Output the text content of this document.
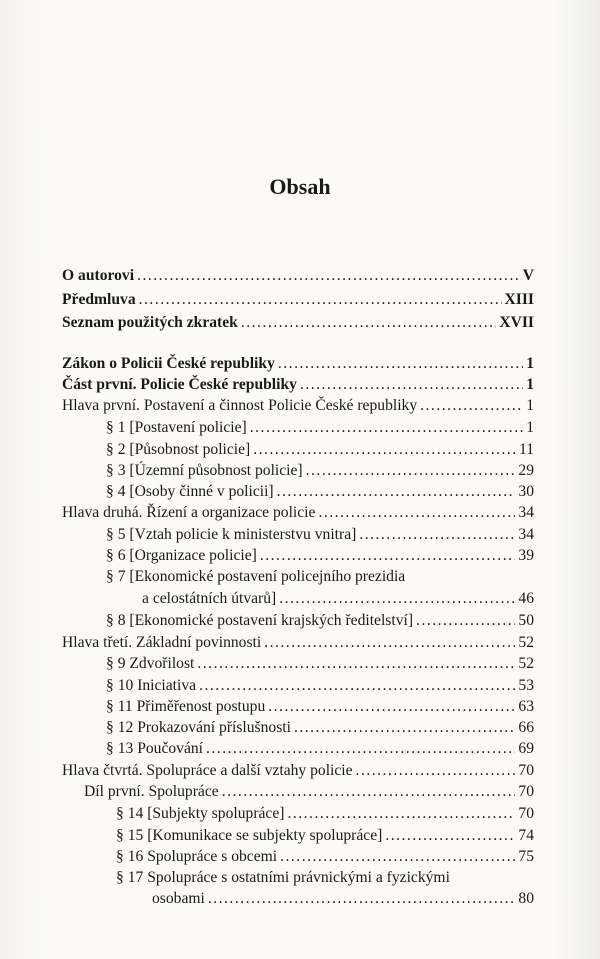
Obsah
O autorovi . . .	V
Předmluva . . .	XIII
Seznam použitých zkratek . . .	XVII
Zákon o Policii České republiky . . .	1
Část první. Policie České republiky . . .	1
Hlava první. Postavení a činnost Policie České republiky . . .	1
§ 1 [Postavení policie] . . .	1
§ 2 [Působnost policie] . . .	11
§ 3 [Územní působnost policie] . . .	29
§ 4 [Osoby činné v policii] . . .	30
Hlava druhá. Řízení a organizace policie . . .	34
§ 5 [Vztah policie k ministerstvu vnitra] . . .	34
§ 6 [Organizace policie] . . .	39
§ 7 [Ekonomické postavení policejního prezidia
a celostátních útvarů] . . .	46
§ 8 [Ekonomické postavení krajských ředitelství] . . .	50
Hlava třetí. Základní povinnosti . . .	52
§ 9 Zdvořilost . . .	52
§ 10 Iniciativa . . .	53
§ 11 Přiměřenost postupu . . .	63
§ 12 Prokazování příslušnosti . . .	66
§ 13 Poučování . . .	69
Hlava čtvrtá. Spolupráce a další vztahy policie . . .	70
Díl první. Spolupráce . . .	70
§ 14 [Subjekty spolupráce] . . .	70
§ 15 [Komunikace se subjekty spolupráce] . . .	74
§ 16 Spolupráce s obcemi . . .	75
§ 17 Spolupráce s ostatními právnickými a fyzickými
osobami . . .	80
